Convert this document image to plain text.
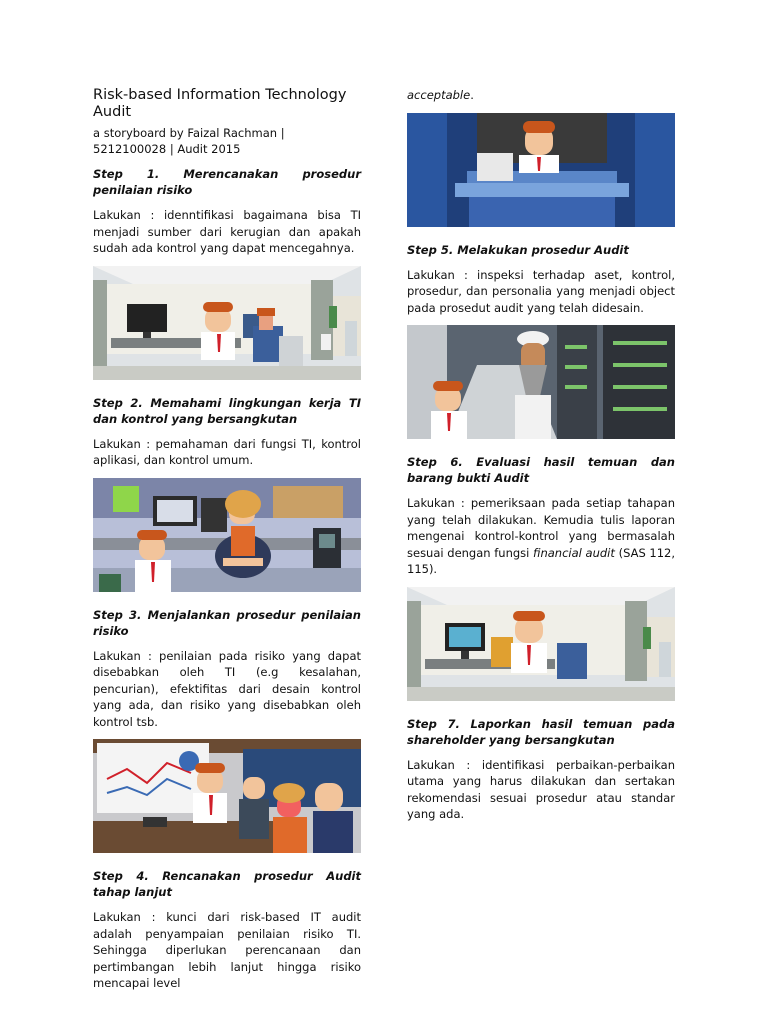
Risk-based Information Technology Audit

a storyboard by Faizal Rachman | 5212100028 | Audit 2015

Step 1. Merencanakan prosedur penilaian risiko

Lakukan : idenntifikasi bagaimana bisa TI menjadi sumber dari kerugian dan apakah sudah ada kontrol yang dapat mencegahnya.

Step 2. Memahami lingkungan kerja TI dan kontrol yang bersangkutan

Lakukan : pemahaman dari fungsi TI, kontrol aplikasi, dan kontrol umum.

Step 3. Menjalankan prosedur penilaian risiko

Lakukan : penilaian pada risiko yang dapat disebabkan oleh TI (e.g kesalahan, pencurian), efektifitas dari desain kontrol yang ada, dan risiko yang disebabkan oleh kontrol tsb.

Step 4. Rencanakan prosedur Audit tahap lanjut

Lakukan : kunci dari risk-based IT audit adalah penyampaian penilaian risiko TI. Sehingga diperlukan perencanaan dan pertimbangan lebih lanjut hingga risiko mencapai level

acceptable.

Step 5. Melakukan prosedur Audit

Lakukan : inspeksi terhadap aset, kontrol, prosedur, dan personalia yang menjadi object pada prosedut audit yang telah didesain.

Step 6. Evaluasi hasil temuan dan barang bukti Audit

Lakukan : pemeriksaan pada setiap tahapan yang telah dilakukan. Kemudia tulis laporan mengenai kontrol-kontrol yang bermasalah sesuai dengan fungsi financial audit (SAS 112, 115).

Step 7. Laporkan hasil temuan pada shareholder yang bersangkutan

Lakukan : identifikasi perbaikan-perbaikan utama yang harus dilakukan dan sertakan rekomendasi sesuai prosedur atau standar yang ada.
